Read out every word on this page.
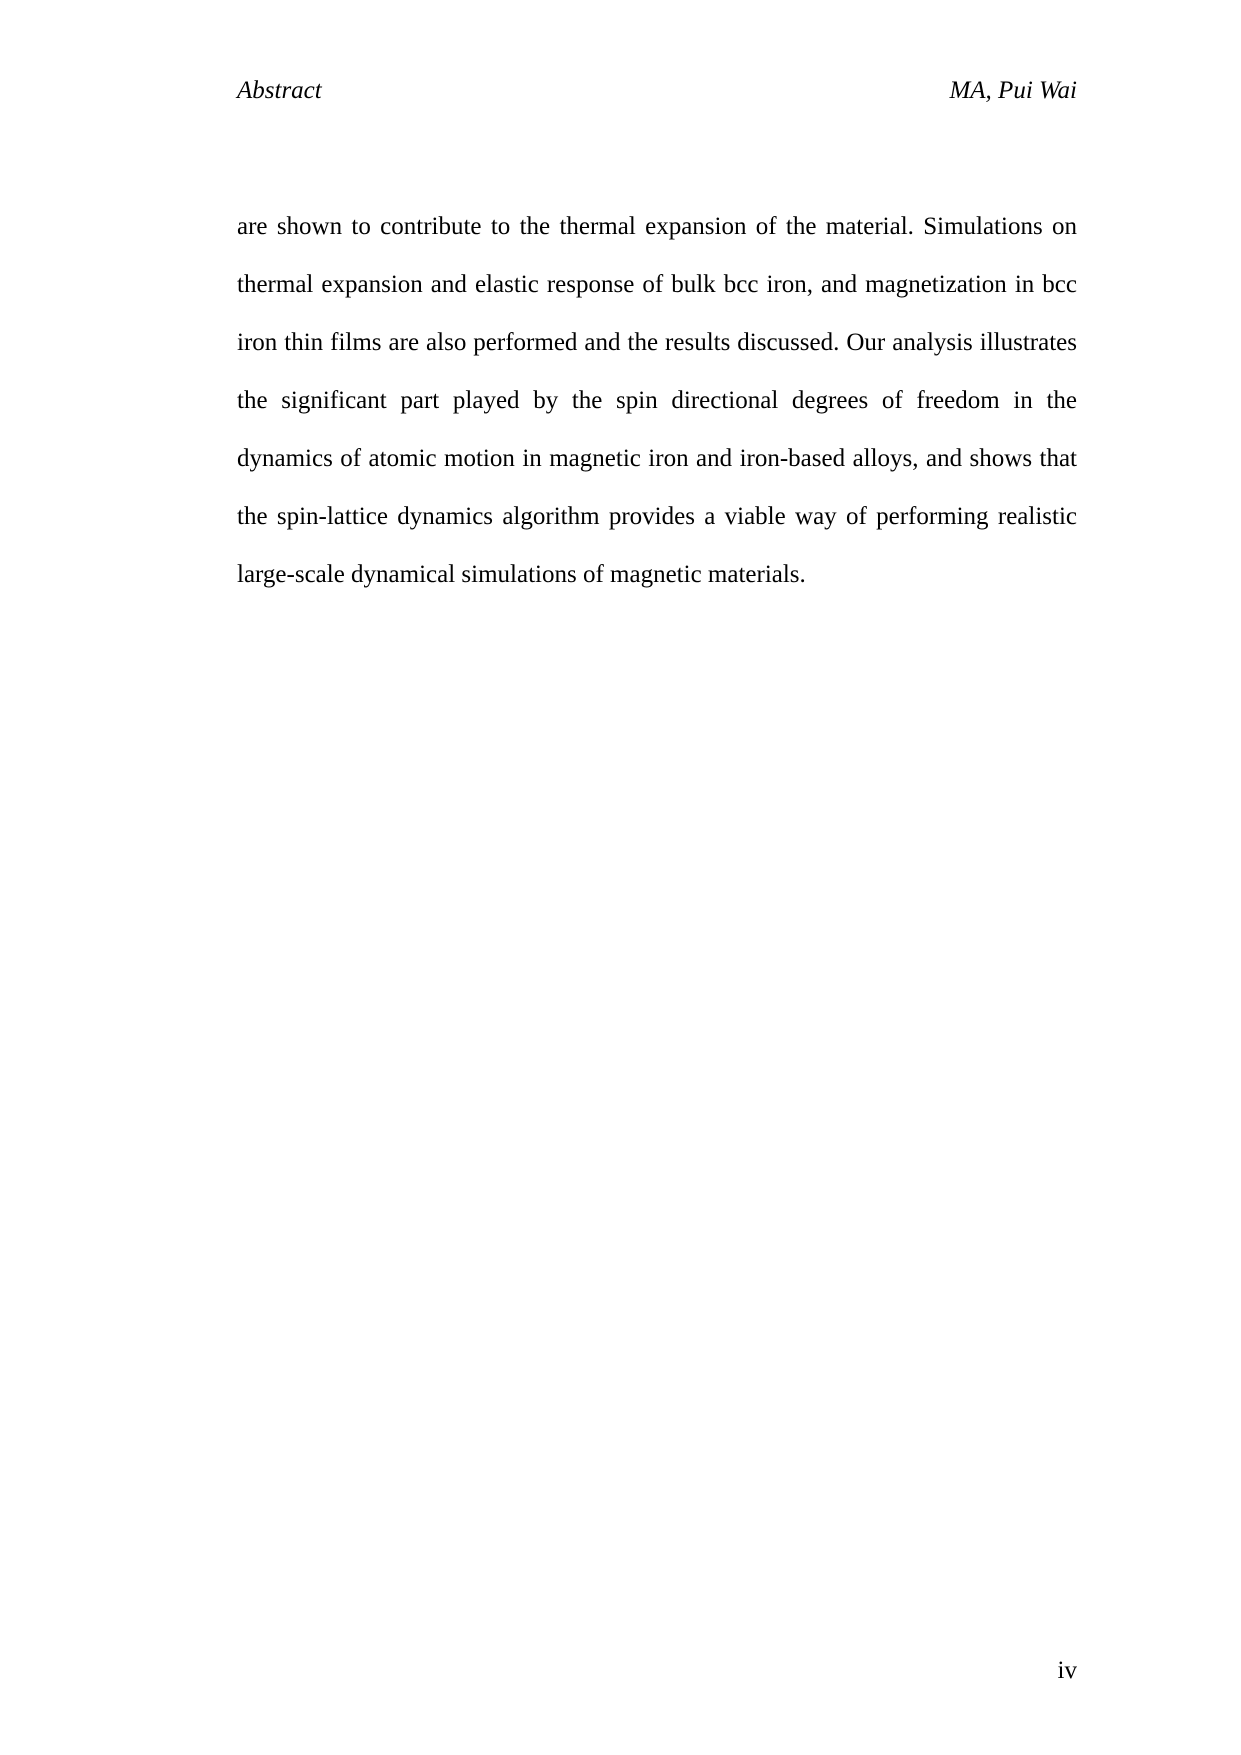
Abstract	MA, Pui Wai
are shown to contribute to the thermal expansion of the material. Simulations on
thermal expansion and elastic response of bulk bcc iron, and magnetization in bcc
iron thin films are also performed and the results discussed. Our analysis illustrates
the significant part played by the spin directional degrees of freedom in the
dynamics of atomic motion in magnetic iron and iron-based alloys, and shows that
the spin-lattice dynamics algorithm provides a viable way of performing realistic
large-scale dynamical simulations of magnetic materials.
iv
